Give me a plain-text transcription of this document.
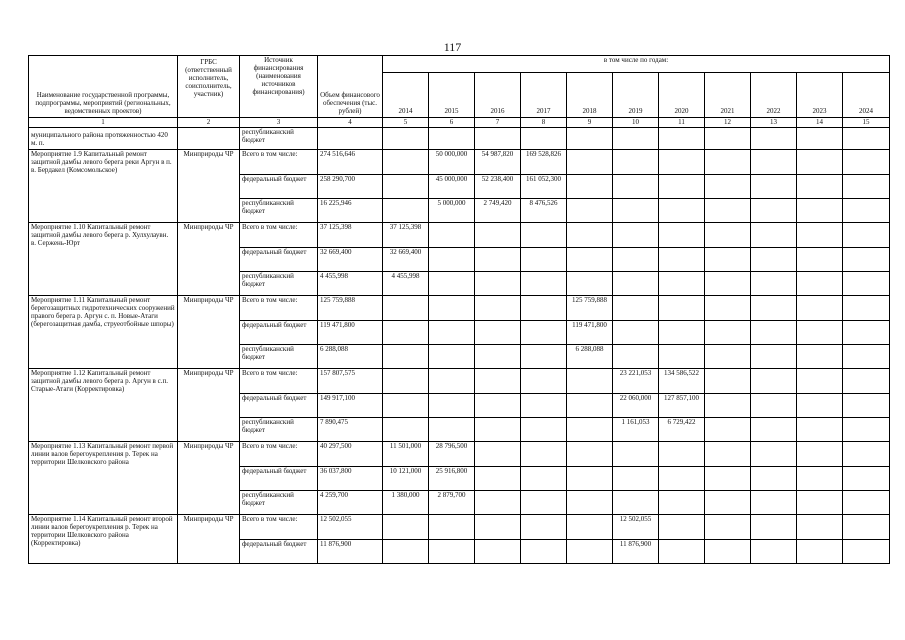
117
Наименование государственной программы, подпрограммы, мероприятий (региональных, ведомственных проектов)	ГРБС (ответственный исполнитель, соисполнитель, участник)	Источник финансирования (наименования источников финансирования)	Объем финансового обеспечения (тыс. рублей)	в том числе по годам:										
				2014	2015	2016	2017	2018	2019	2020	2021	2022	2023	2024
1	2	3	4	5	6	7	8	9	10	11	12	13	14	15
муниципального района протяженностью 420 м. п.		республиканский бюджет												
Мероприятие 1.9 Капитальный ремонт защитной дамбы левого берега реки Аргун в п. в. Бердакел (Комсомольское)	Минприроды ЧР	Всего в том числе:	274 516,646		50 000,000	54 987,820	169 528,826							
		федеральный бюджет	258 290,700		45 000,000	52 238,400	161 052,300							
		республиканский бюджет	16 225,946		5 000,000	2 749,420	8 476,526							
Мероприятие 1.10 Капитальный ремонт защитной дамбы левого берега р. Хулхулаувн. в. Сержень-Юрт	Минприроды ЧР	Всего в том числе:	37 125,398	37 125,398										
		федеральный бюджет	32 669,400	32 669,400										
		республиканский бюджет	4 455,998	4 455,998										
Мероприятие 1.11 Капитальный ремонт берегозащитных гидротехнических сооружений правого берега р. Аргун с. п. Новые-Атаги (берегозащитная дамба, струеотбойные шпоры)	Минприроды ЧР	Всего в том числе:	125 759,888					125 759,888						
		федеральный бюджет	119 471,800					119 471,800						
		республиканский бюджет	6 288,088					6 288,088						
Мероприятие 1.12 Капитальный ремонт защитной дамбы левого берега р. Аргун в с.п. Старые-Атаги (Корректировка)	Минприроды ЧР	Всего в том числе:	157 807,575						23 221,053	134 586,522				
		федеральный бюджет	149 917,100						22 060,000	127 857,100				
		республиканский бюджет	7 890,475						1 161,053	6 729,422				
Мероприятие 1.13 Капитальный ремонт первой линии валов берегоукрепления р. Терек на территории Шелковского района	Минприроды ЧР	Всего в том числе:	40 297,500	11 501,000	28 796,500									
		федеральный бюджет	36 037,800	10 121,000	25 916,800									
		республиканский бюджет	4 259,700	1 380,000	2 879,700									
Мероприятие 1.14 Капитальный ремонт второй линии валов берегоукрепления р. Терек на территории Шелковского района (Корректировка)	Минприроды ЧР	Всего в том числе:	12 502,055						12 502,055					
		федеральный бюджет	11 876,900						11 876,900					
